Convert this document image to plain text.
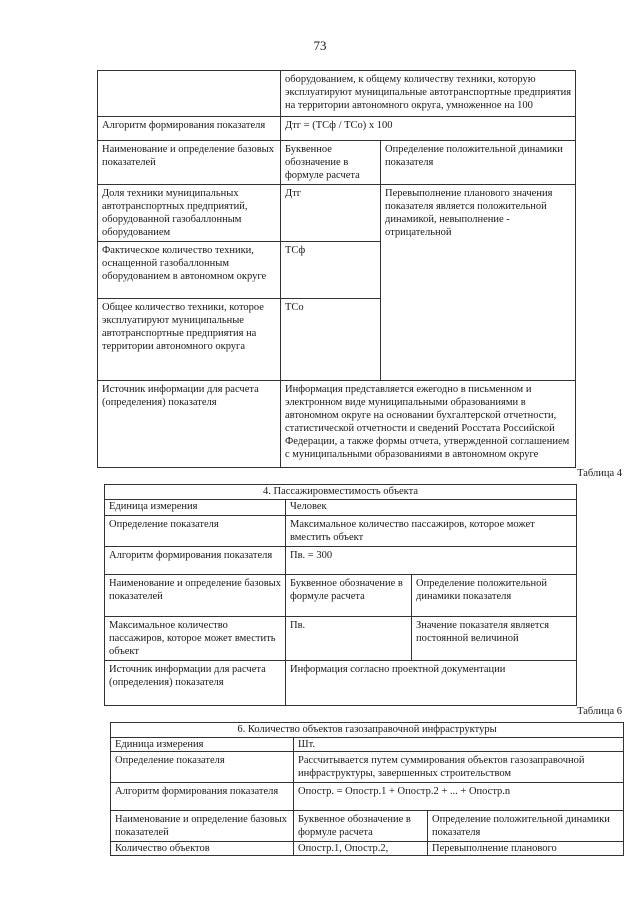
73
	оборудованием, к общему количеству техники, которую эксплуатируют муниципальные автотранспортные предприятия на территории автономного округа, умноженное на 100	
Алгоритм формирования показателя	Дтг = (ТСф / ТСо) х 100	
Наименование и определение базовых показателей	Буквенное обозначение в формуле расчета	Определение положительной динамики показателя
Доля техники муниципальных автотранспортных предприятий, оборудованной газобаллонным оборудованием	Дтг	Перевыполнение планового значения показателя является положительной динамикой, невыполнение - отрицательной
Фактическое количество техники, оснащенной газобаллонным оборудованием в автономном округе	ТСф	
Общее количество техники, которое эксплуатируют муниципальные автотранспортные предприятия на территории автономного округа	ТСо	
Источник информации для расчета (определения) показателя	Информация представляется ежегодно в письменном и электронном виде муниципальными образованиями в автономном округе на основании бухгалтерской отчетности, статистической отчетности и сведений Росстата Российской Федерации, а также формы отчета, утвержденной соглашением с муниципальными образованиями в автономном округе	
Таблица 4
4. Пассажировместимость объекта		
Единица измерения	Человек	
Определение показателя	Максимальное количество пассажиров, которое может вместить объект	
Алгоритм формирования показателя	Пв. = 300	
Наименование и определение базовых показателей	Буквенное обозначение в формуле расчета	Определение положительной динамики показателя
Максимальное количество пассажиров, которое может вместить объект	Пв.	Значение показателя является постоянной величиной
Источник информации для расчета (определения) показателя	Информация согласно проектной документации	
Таблица 6
6. Количество объектов газозаправочной инфраструктуры		
Единица измерения	Шт.	
Определение показателя	Рассчитывается путем суммирования объектов газозаправочной инфраструктуры, завершенных строительством	
Алгоритм формирования показателя	Опостр. = Опостр.1 + Опостр.2 + ... + Опостр.n	
Наименование и определение базовых показателей	Буквенное обозначение в формуле расчета	Определение положительной динамики показателя
Количество объектов	Опостр.1, Опостр.2,	Перевыполнение планового
